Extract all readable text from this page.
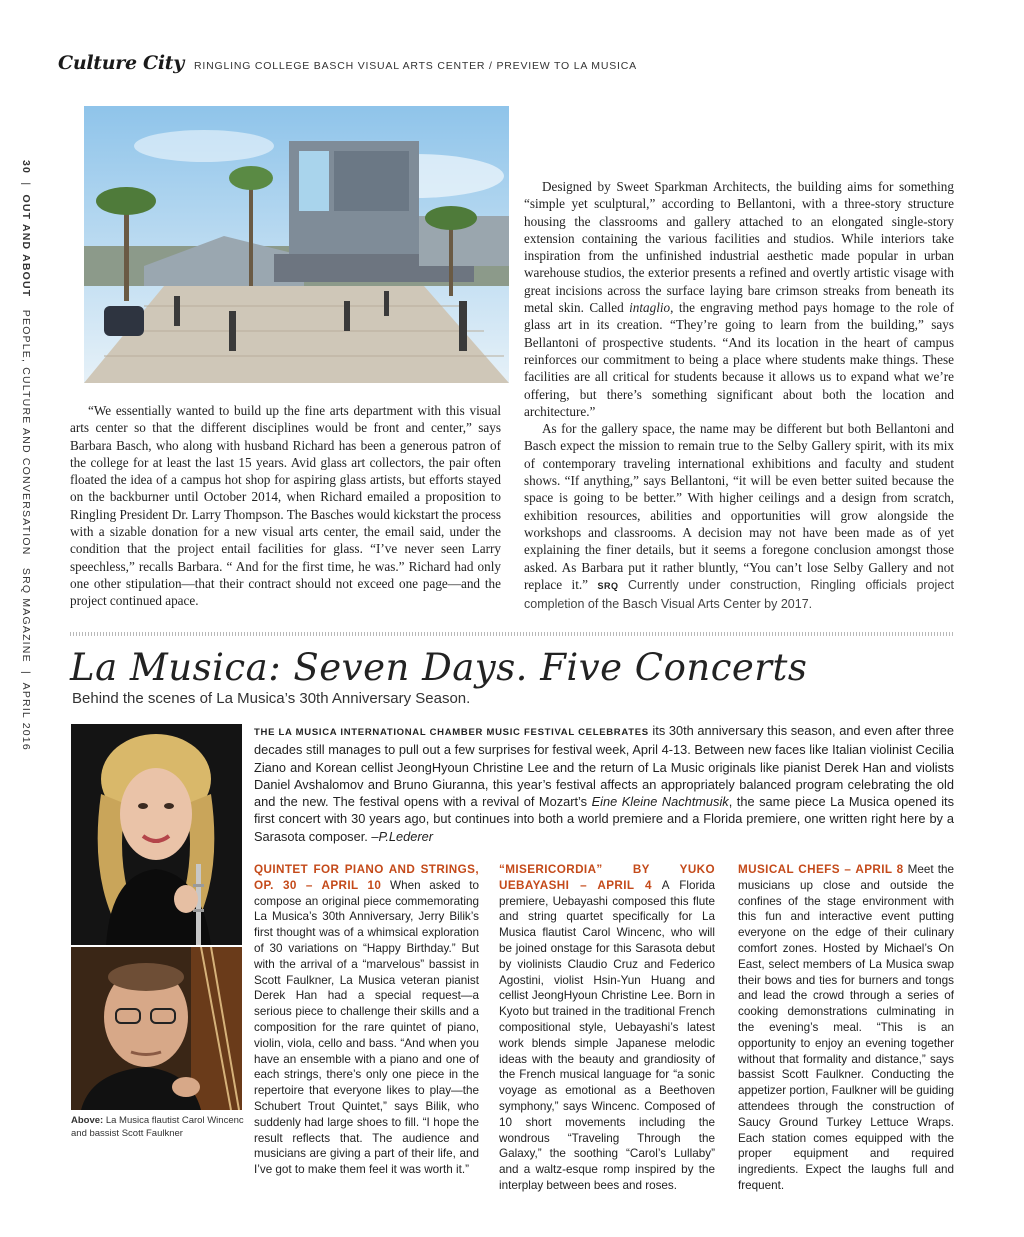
Culture City RINGLING COLLEGE BASCH VISUAL ARTS CENTER / PREVIEW TO LA MUSICA
30  |  OUT AND ABOUT   PEOPLE, CULTURE AND CONVERSATION   SRQ MAGAZINE  |  APRIL 2016

“We essentially wanted to build up the fine arts department with this visual arts center so that the different disciplines would be front and center,” says Barbara Basch, who along with husband Richard has been a generous patron of the college for at least the last 15 years. Avid glass art collectors, the pair often floated the idea of a campus hot shop for aspiring glass artists, but efforts stayed on the backburner until October 2014, when Richard emailed a proposition to Ringling President Dr. Larry Thompson. The Basches would kickstart the process with a sizable donation for a new visual arts center, the email said, under the condition that the project entail facilities for glass. “I’ve never seen Larry speechless,” recalls Barbara. “ And for the first time, he was.” Richard had only one other stipulation—that their contract should not exceed one page—and the project continued apace.

Designed by Sweet Sparkman Architects, the building aims for something “simple yet sculptural,” according to Bellantoni, with a three-story structure housing the classrooms and gallery attached to an elongated single-story extension containing the various facilities and studios. While interiors take inspiration from the unfinished industrial aesthetic made popular in urban warehouse studios, the exterior presents a refined and overtly artistic visage with great incisions across the surface laying bare crimson streaks from beneath its metal skin. Called intaglio, the engraving method pays homage to the role of glass art in its creation. “They’re going to learn from the building,” says Bellantoni of prospective students. “And its location in the heart of campus reinforces our commitment to being a place where students make things. These facilities are all critical for students because it allows us to expand what we’re offering, but there’s something significant about both the location and architecture.”

As for the gallery space, the name may be different but both Bellantoni and Basch expect the mission to remain true to the Selby Gallery spirit, with its mix of contemporary traveling international exhibitions and faculty and student shows. “If anything,” says Bellantoni, “it will be even better suited because the space is going to be better.” With higher ceilings and a design from scratch, exhibition resources, abilities and opportunities will grow alongside the workshops and classrooms. A decision may not have been made as of yet explaining the finer details, but it seems a foregone conclusion amongst those asked. As Barbara put it rather bluntly, “You can’t lose Selby Gallery and not replace it.” SRQ Currently under construction, Ringling officials project completion of the Basch Visual Arts Center by 2017.

La Musica: Seven Days. Five Concerts
Behind the scenes of La Musica’s 30th Anniversary Season.
Above: La Musica flautist Carol Wincenc and bassist Scott Faulkner
THE LA MUSICA INTERNATIONAL CHAMBER MUSIC FESTIVAL CELEBRATES its 30th anniversary this season, and even after three decades still manages to pull out a few surprises for festival week, April 4-13. Between new faces like Italian violinist Cecilia Ziano and Korean cellist JeongHyoun Christine Lee and the return of La Music originals like pianist Derek Han and violists Daniel Avshalomov and Bruno Giuranna, this year’s festival affects an appropriately balanced program celebrating the old and the new. The festival opens with a revival of Mozart’s Eine Kleine Nachtmusik, the same piece La Musica opened its first concert with 30 years ago, but continues into both a world premiere and a Florida premiere, one written right here by a Sarasota composer. –P.Lederer
QUINTET FOR PIANO AND STRINGS, OP. 30 – APRIL 10 When asked to compose an original piece commemorating La Musica’s 30th Anniversary, Jerry Bilik’s first thought was of a whimsical exploration of 30 variations on “Happy Birthday.” But with the arrival of a “marvelous” bassist in Scott Faulkner, La Musica veteran pianist Derek Han had a special request—a serious piece to challenge their skills and a composition for the rare quintet of piano, violin, viola, cello and bass. “And when you have an ensemble with a piano and one of each strings, there’s only one piece in the repertoire that everyone likes to play—the Schubert Trout Quintet,” says Bilik, who suddenly had large shoes to fill. “I hope the result reflects that. The audience and musicians are giving a part of their life, and I’ve got to make them feel it was worth it.”
“MISERICORDIA” BY YUKO UEBAYASHI – APRIL 4 A Florida premiere, Uebayashi composed this flute and string quartet specifically for La Musica flautist Carol Wincenc, who will be joined onstage for this Sarasota debut by violinists Claudio Cruz and Federico Agostini, violist Hsin-Yun Huang and cellist JeongHyoun Christine Lee. Born in Kyoto but trained in the traditional French compositional style, Uebayashi’s latest work blends simple Japanese melodic ideas with the beauty and grandiosity of the French musical language for “a sonic voyage as emotional as a Beethoven symphony,” says Wincenc. Composed of 10 short movements including the wondrous “Traveling Through the Galaxy,” the soothing “Carol’s Lullaby” and a waltz-esque romp inspired by the interplay between bees and roses.
MUSICAL CHEFS – APRIL 8 Meet the musicians up close and outside the confines of the stage environment with this fun and interactive event putting everyone on the edge of their culinary comfort zones. Hosted by Michael’s On East, select members of La Musica swap their bows and ties for burners and tongs and lead the crowd through a series of cooking demonstrations culminating in the evening’s meal. “This is an opportunity to enjoy an evening together without that formality and distance,” says bassist Scott Faulkner. Conducting the appetizer portion, Faulkner will be guiding attendees through the construction of Saucy Ground Turkey Lettuce Wraps. Each station comes equipped with the proper equipment and required ingredients. Expect the laughs full and frequent.
